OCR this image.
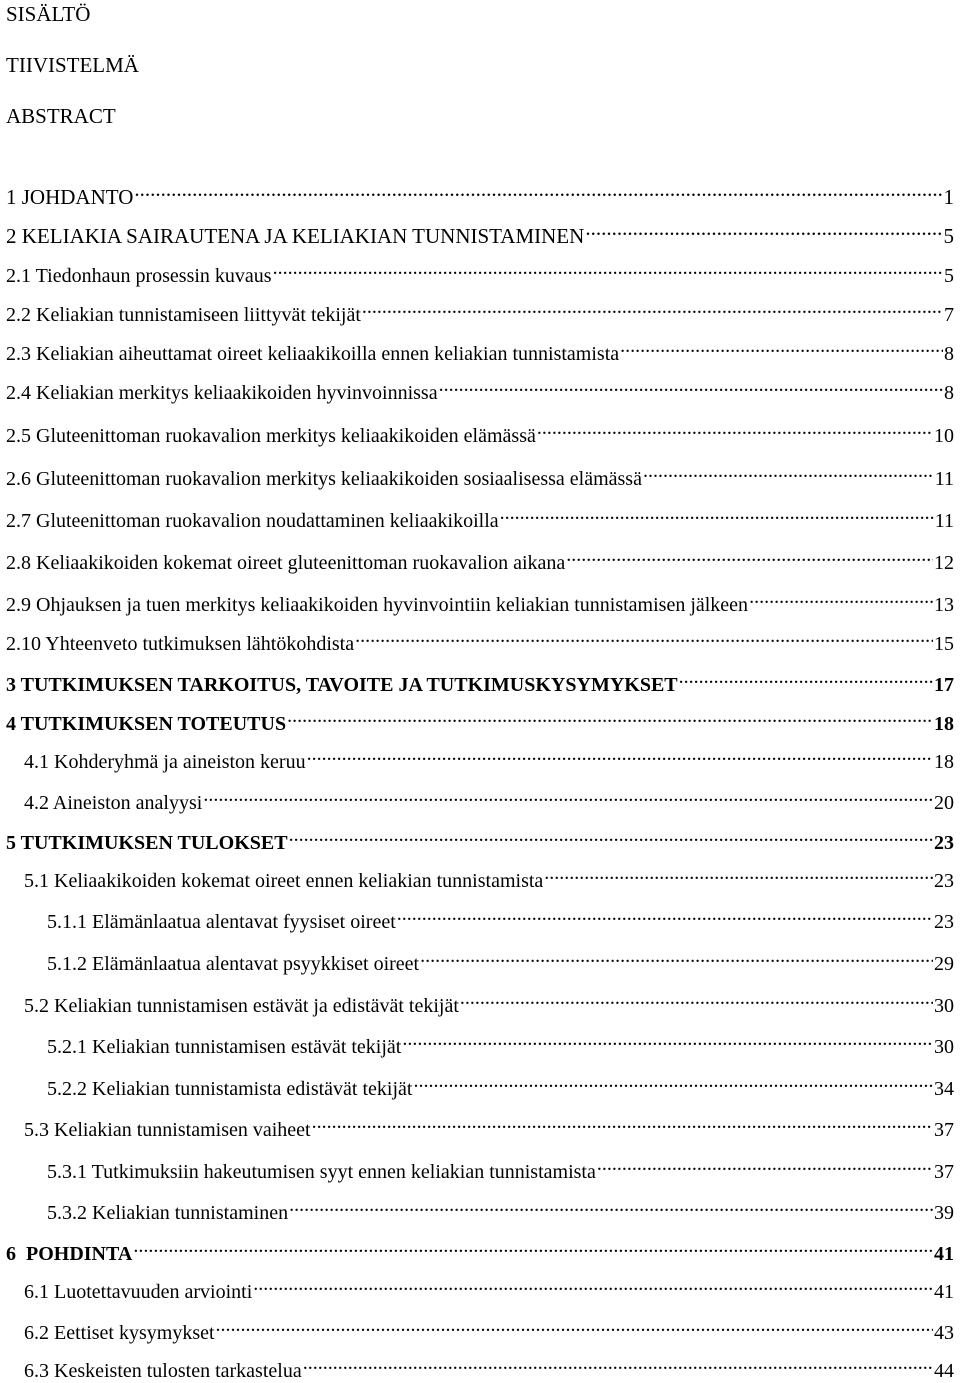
SISÄLTÖ
TIIVISTELMÄ
ABSTRACT
1 JOHDANTO .....	1
2 KELIAKIA SAIRAUTENA JA KELIAKIAN TUNNISTAMINEN .....	5
2.1 Tiedonhaun prosessin kuvaus .....	5
2.2 Keliakian tunnistamiseen liittyvät tekijät .....	7
2.3 Keliakian aiheuttamat oireet keliaakikoilla ennen keliakian tunnistamista .....	8
2.4 Keliakian merkitys keliaakikoiden hyvinvoinnissa .....	8
2.5 Gluteenittoman ruokavalion merkitys keliaakikoiden elämässä .....	10
2.6 Gluteenittoman ruokavalion merkitys keliaakikoiden sosiaalisessa elämässä .....	11
2.7 Gluteenittoman ruokavalion noudattaminen keliaakikoilla .....	11
2.8 Keliaakikoiden kokemat oireet gluteenittoman ruokavalion aikana .....	12
2.9 Ohjauksen ja tuen merkitys keliaakikoiden hyvinvointiin keliakian tunnistamisen jälkeen .....	13
2.10 Yhteenveto tutkimuksen lähtökohdista .....	15
3 TUTKIMUKSEN TARKOITUS, TAVOITE JA TUTKIMUSKYSYMYKSET .....	17
4 TUTKIMUKSEN TOTEUTUS .....	18
4.1 Kohderyhmä ja aineiston keruu .....	18
4.2 Aineiston analyysi .....	20
5 TUTKIMUKSEN TULOKSET .....	23
5.1 Keliaakikoiden kokemat oireet ennen keliakian tunnistamista .....	23
5.1.1 Elämänlaatua alentavat fyysiset oireet .....	23
5.1.2 Elämänlaatua alentavat psyykkiset oireet .....	29
5.2 Keliakian tunnistamisen estävät ja edistävät tekijät .....	30
5.2.1 Keliakian tunnistamisen estävät tekijät .....	30
5.2.2 Keliakian tunnistamista edistävät tekijät .....	34
5.3 Keliakian tunnistamisen vaiheet .....	37
5.3.1 Tutkimuksiin hakeutumisen syyt ennen keliakian tunnistamista .....	37
5.3.2 Keliakian tunnistaminen .....	39
6  POHDINTA .....	41
6.1 Luotettavuuden arviointi .....	41
6.2 Eettiset kysymykset .....	43
6.3 Keskeisten tulosten tarkastelua .....	44
